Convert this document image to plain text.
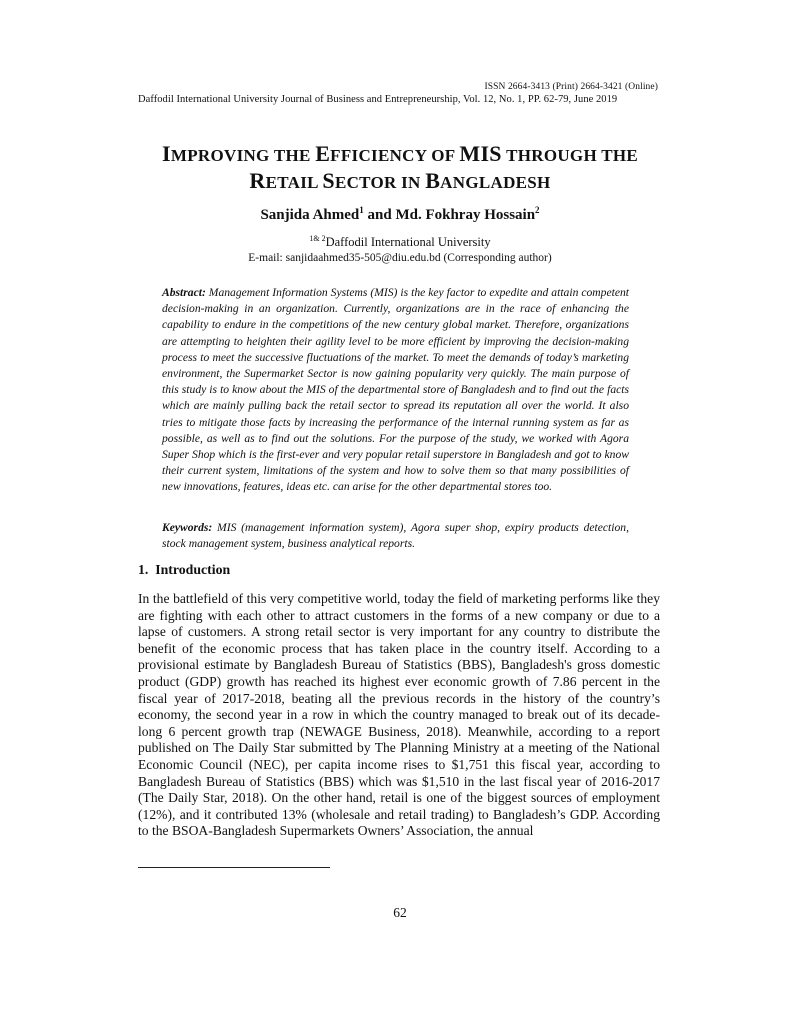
ISSN 2664-3413 (Print) 2664-3421 (Online)
Daffodil International University Journal of Business and Entrepreneurship, Vol. 12, No. 1, PP. 62-79, June 2019
IMPROVING THE EFFICIENCY OF MIS THROUGH THE
RETAIL SECTOR IN BANGLADESH
Sanjida Ahmed$^1$ and Md. Fokhray Hossain$^2$
$^{1\& 2}$Daffodil International University
E-mail: sanjidaahmed35-505@diu.edu.bd (Corresponding author)
Abstract: Management Information Systems (MIS) is the key factor to expedite and attain competent decision-making in an organization. Currently, organizations are in the race of enhancing the capability to endure in the competitions of the new century global market. Therefore, organizations are attempting to heighten their agility level to be more efficient by improving the decision-making process to meet the successive fluctuations of the market. To meet the demands of today’s marketing environment, the Supermarket Sector is now gaining popularity very quickly. The main purpose of this study is to know about the MIS of the departmental store of Bangladesh and to find out the facts which are mainly pulling back the retail sector to spread its reputation all over the world. It also tries to mitigate those facts by increasing the performance of the internal running system as far as possible, as well as to find out the solutions. For the purpose of the study, we worked with Agora Super Shop which is the first-ever and very popular retail superstore in Bangladesh and got to know their current system, limitations of the system and how to solve them so that many possibilities of new innovations, features, ideas etc. can arise for the other departmental stores too.
Keywords: MIS (management information system), Agora super shop, expiry products detection, stock management system, business analytical reports.
1. Introduction
In the battlefield of this very competitive world, today the field of marketing performs like they are fighting with each other to attract customers in the forms of a new company or due to a lapse of customers. A strong retail sector is very important for any country to distribute the benefit of the economic process that has taken place in the country itself. According to a provisional estimate by Bangladesh Bureau of Statistics (BBS), Bangladesh's gross domestic product (GDP) growth has reached its highest ever economic growth of 7.86 percent in the fiscal year of 2017-2018, beating all the previous records in the history of the country’s economy, the second year in a row in which the country managed to break out of its decade-long 6 percent growth trap (NEWAGE Business, 2018). Meanwhile, according to a report published on The Daily Star submitted by The Planning Ministry at a meeting of the National Economic Council (NEC), per capita income rises to $1,751 this fiscal year, according to Bangladesh Bureau of Statistics (BBS) which was $1,510 in the last fiscal year of 2016-2017 (The Daily Star, 2018). On the other hand, retail is one of the biggest sources of employment (12%), and it contributed 13% (wholesale and retail trading) to Bangladesh’s GDP. According to the BSOA-Bangladesh Supermarkets Owners’ Association, the annual
62
